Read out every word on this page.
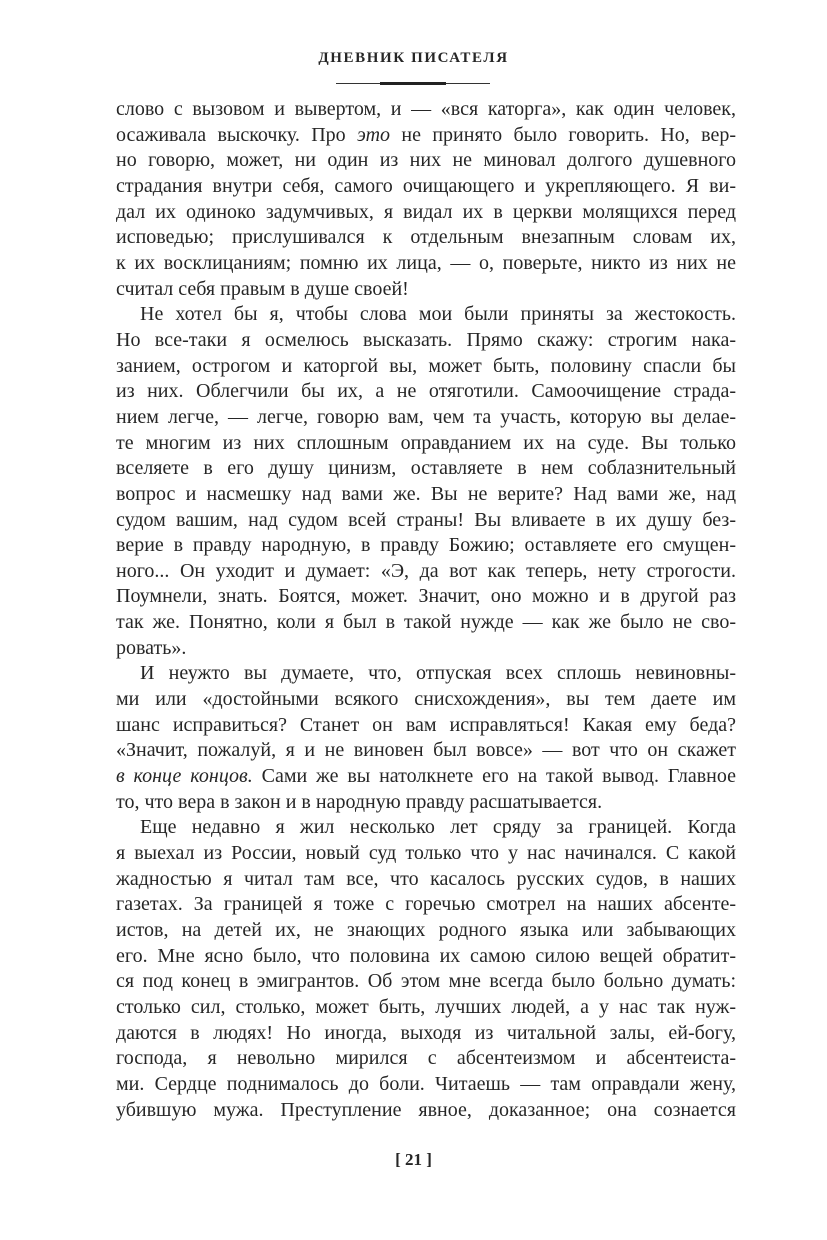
ДНЕВНИК ПИСАТЕЛЯ
слово с вызовом и вывертом, и — «вся каторга», как один человек,
осаживала выскочку. Про это не принято было говорить. Но, вер-
но говорю, может, ни один из них не миновал долгого душевного
страдания внутри себя, самого очищающего и укрепляющего. Я ви-
дал их одиноко задумчивых, я видал их в церкви молящихся перед
исповедью; прислушивался к отдельным внезапным словам их,
к их восклицаниям; помню их лица, — о, поверьте, никто из них не
считал себя правым в душе своей!
Не хотел бы я, чтобы слова мои были приняты за жестокость.
Но все-таки я осмелюсь высказать. Прямо скажу: строгим нака-
занием, острогом и каторгой вы, может быть, половину спасли бы
из них. Облегчили бы их, а не отяготили. Самоочищение страда-
нием легче, — легче, говорю вам, чем та участь, которую вы делае-
те многим из них сплошным оправданием их на суде. Вы только
вселяете в его душу цинизм, оставляете в нем соблазнительный
вопрос и насмешку над вами же. Вы не верите? Над вами же, над
судом вашим, над судом всей страны! Вы вливаете в их душу без-
верие в правду народную, в правду Божию; оставляете его смущен-
ного... Он уходит и думает: «Э, да вот как теперь, нету строгости.
Поумнели, знать. Боятся, может. Значит, оно можно и в другой раз
так же. Понятно, коли я был в такой нужде — как же было не сво-
ровать».
И неужто вы думаете, что, отпуская всех сплошь невиновны-
ми или «достойными всякого снисхождения», вы тем даете им
шанс исправиться? Станет он вам исправляться! Какая ему беда?
«Значит, пожалуй, я и не виновен был вовсе» — вот что он скажет
в конце концов. Сами же вы натолкнете его на такой вывод. Главное
то, что вера в закон и в народную правду расшатывается.
Еще недавно я жил несколько лет сряду за границей. Когда
я выехал из России, новый суд только что у нас начинался. С какой
жадностью я читал там все, что касалось русских судов, в наших
газетах. За границей я тоже с горечью смотрел на наших абсенте-
истов, на детей их, не знающих родного языка или забывающих
его. Мне ясно было, что половина их самою силою вещей обратит-
ся под конец в эмигрантов. Об этом мне всегда было больно думать:
столько сил, столько, может быть, лучших людей, а у нас так нуж-
даются в людях! Но иногда, выходя из читальной залы, ей-богу,
господа, я невольно мирился с абсентеизмом и абсентеиста-
ми. Сердце поднималось до боли. Читаешь — там оправдали жену,
убившую мужа. Преступление явное, доказанное; она сознается
[ 21 ]
